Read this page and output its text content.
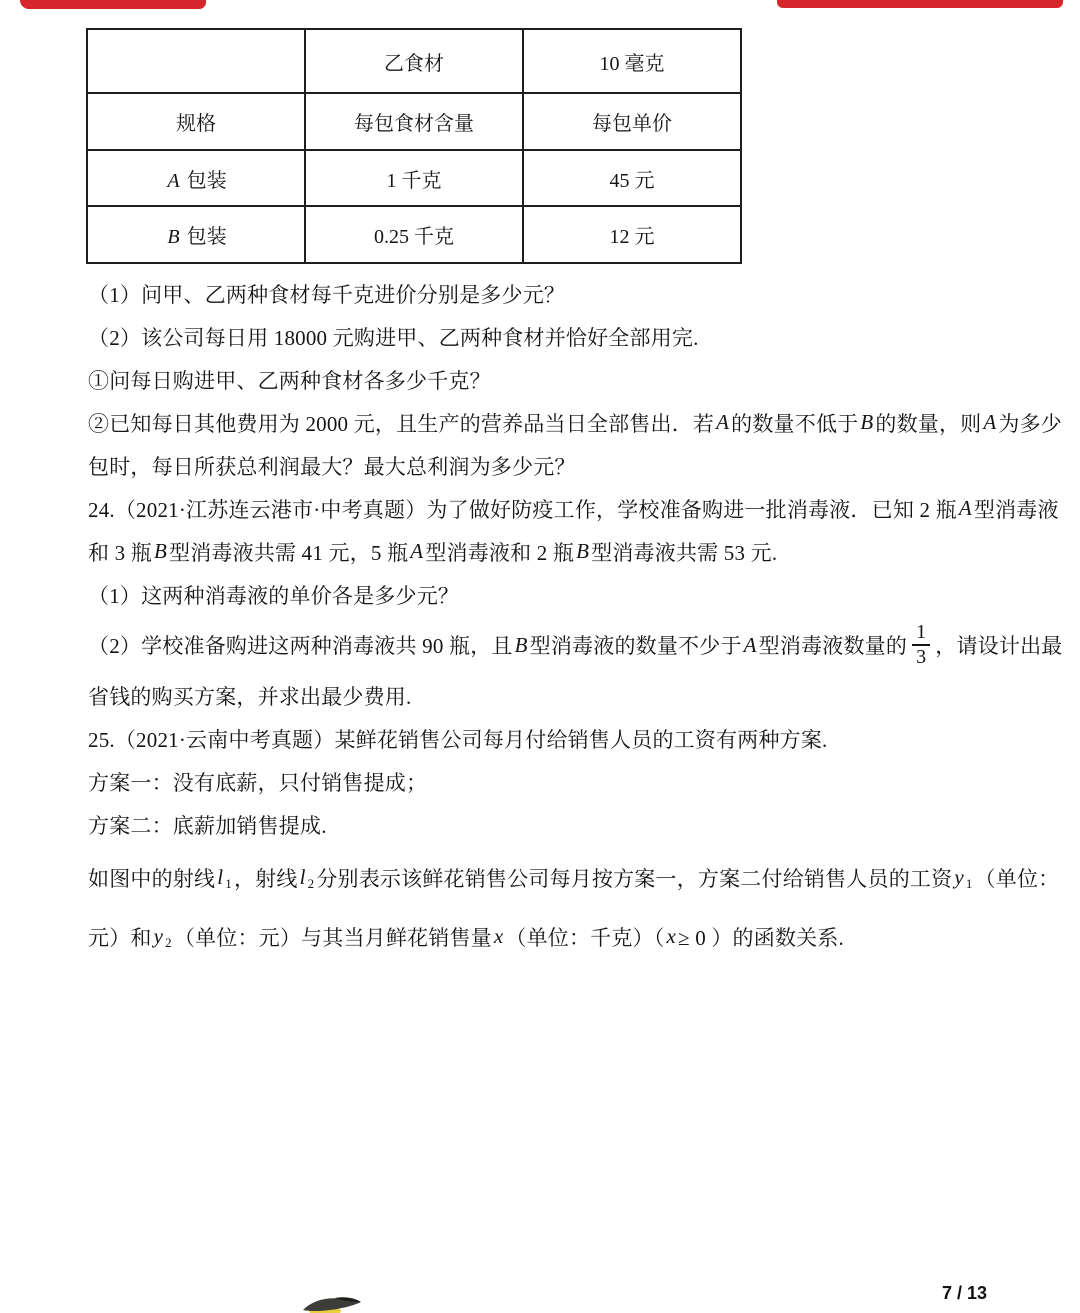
	乙食材	10 毫克
规格	每包食材含量	每包单价
A 包装	1 千克	45 元
B 包装	0.25 千克	12 元
（1）问甲、乙两种食材每千克进价分别是多少元？
（2）该公司每日用 18000 元购进甲、乙两种食材并恰好全部用完.
①问每日购进甲、乙两种食材各多少千克？
②已知每日其他费用为 2000 元，且生产的营养品当日全部售出．若 A 的数量不低于 B 的数量，则 A 为多少
包时，每日所获总利润最大？最大总利润为多少元？
24.（2021·江苏连云港市·中考真题）为了做好防疫工作，学校准备购进一批消毒液．已知 2 瓶 A 型消毒液
和 3 瓶 B 型消毒液共需 41 元，5 瓶 A 型消毒液和 2 瓶 B 型消毒液共需 53 元.
（1）这两种消毒液的单价各是多少元？
（2）学校准备购进这两种消毒液共 90 瓶，且 B 型消毒液的数量不少于 A 型消毒液数量的 $\frac{1}{3}$ ，请设计出最
省钱的购买方案，并求出最少费用.
25.（2021·云南中考真题）某鲜花销售公司每月付给销售人员的工资有两种方案.
方案一：没有底薪，只付销售提成；
方案二：底薪加销售提成.
如图中的射线 l 1 ，射线 l 2 分别表示该鲜花销售公司每月按方案一，方案二付给销售人员的工资 y 1 （单位：
元）和 y 2 （单位：元）与其当月鲜花销售量 x （单位：千克）（ x ≥ 0 ）的函数关系.
7 / 13
